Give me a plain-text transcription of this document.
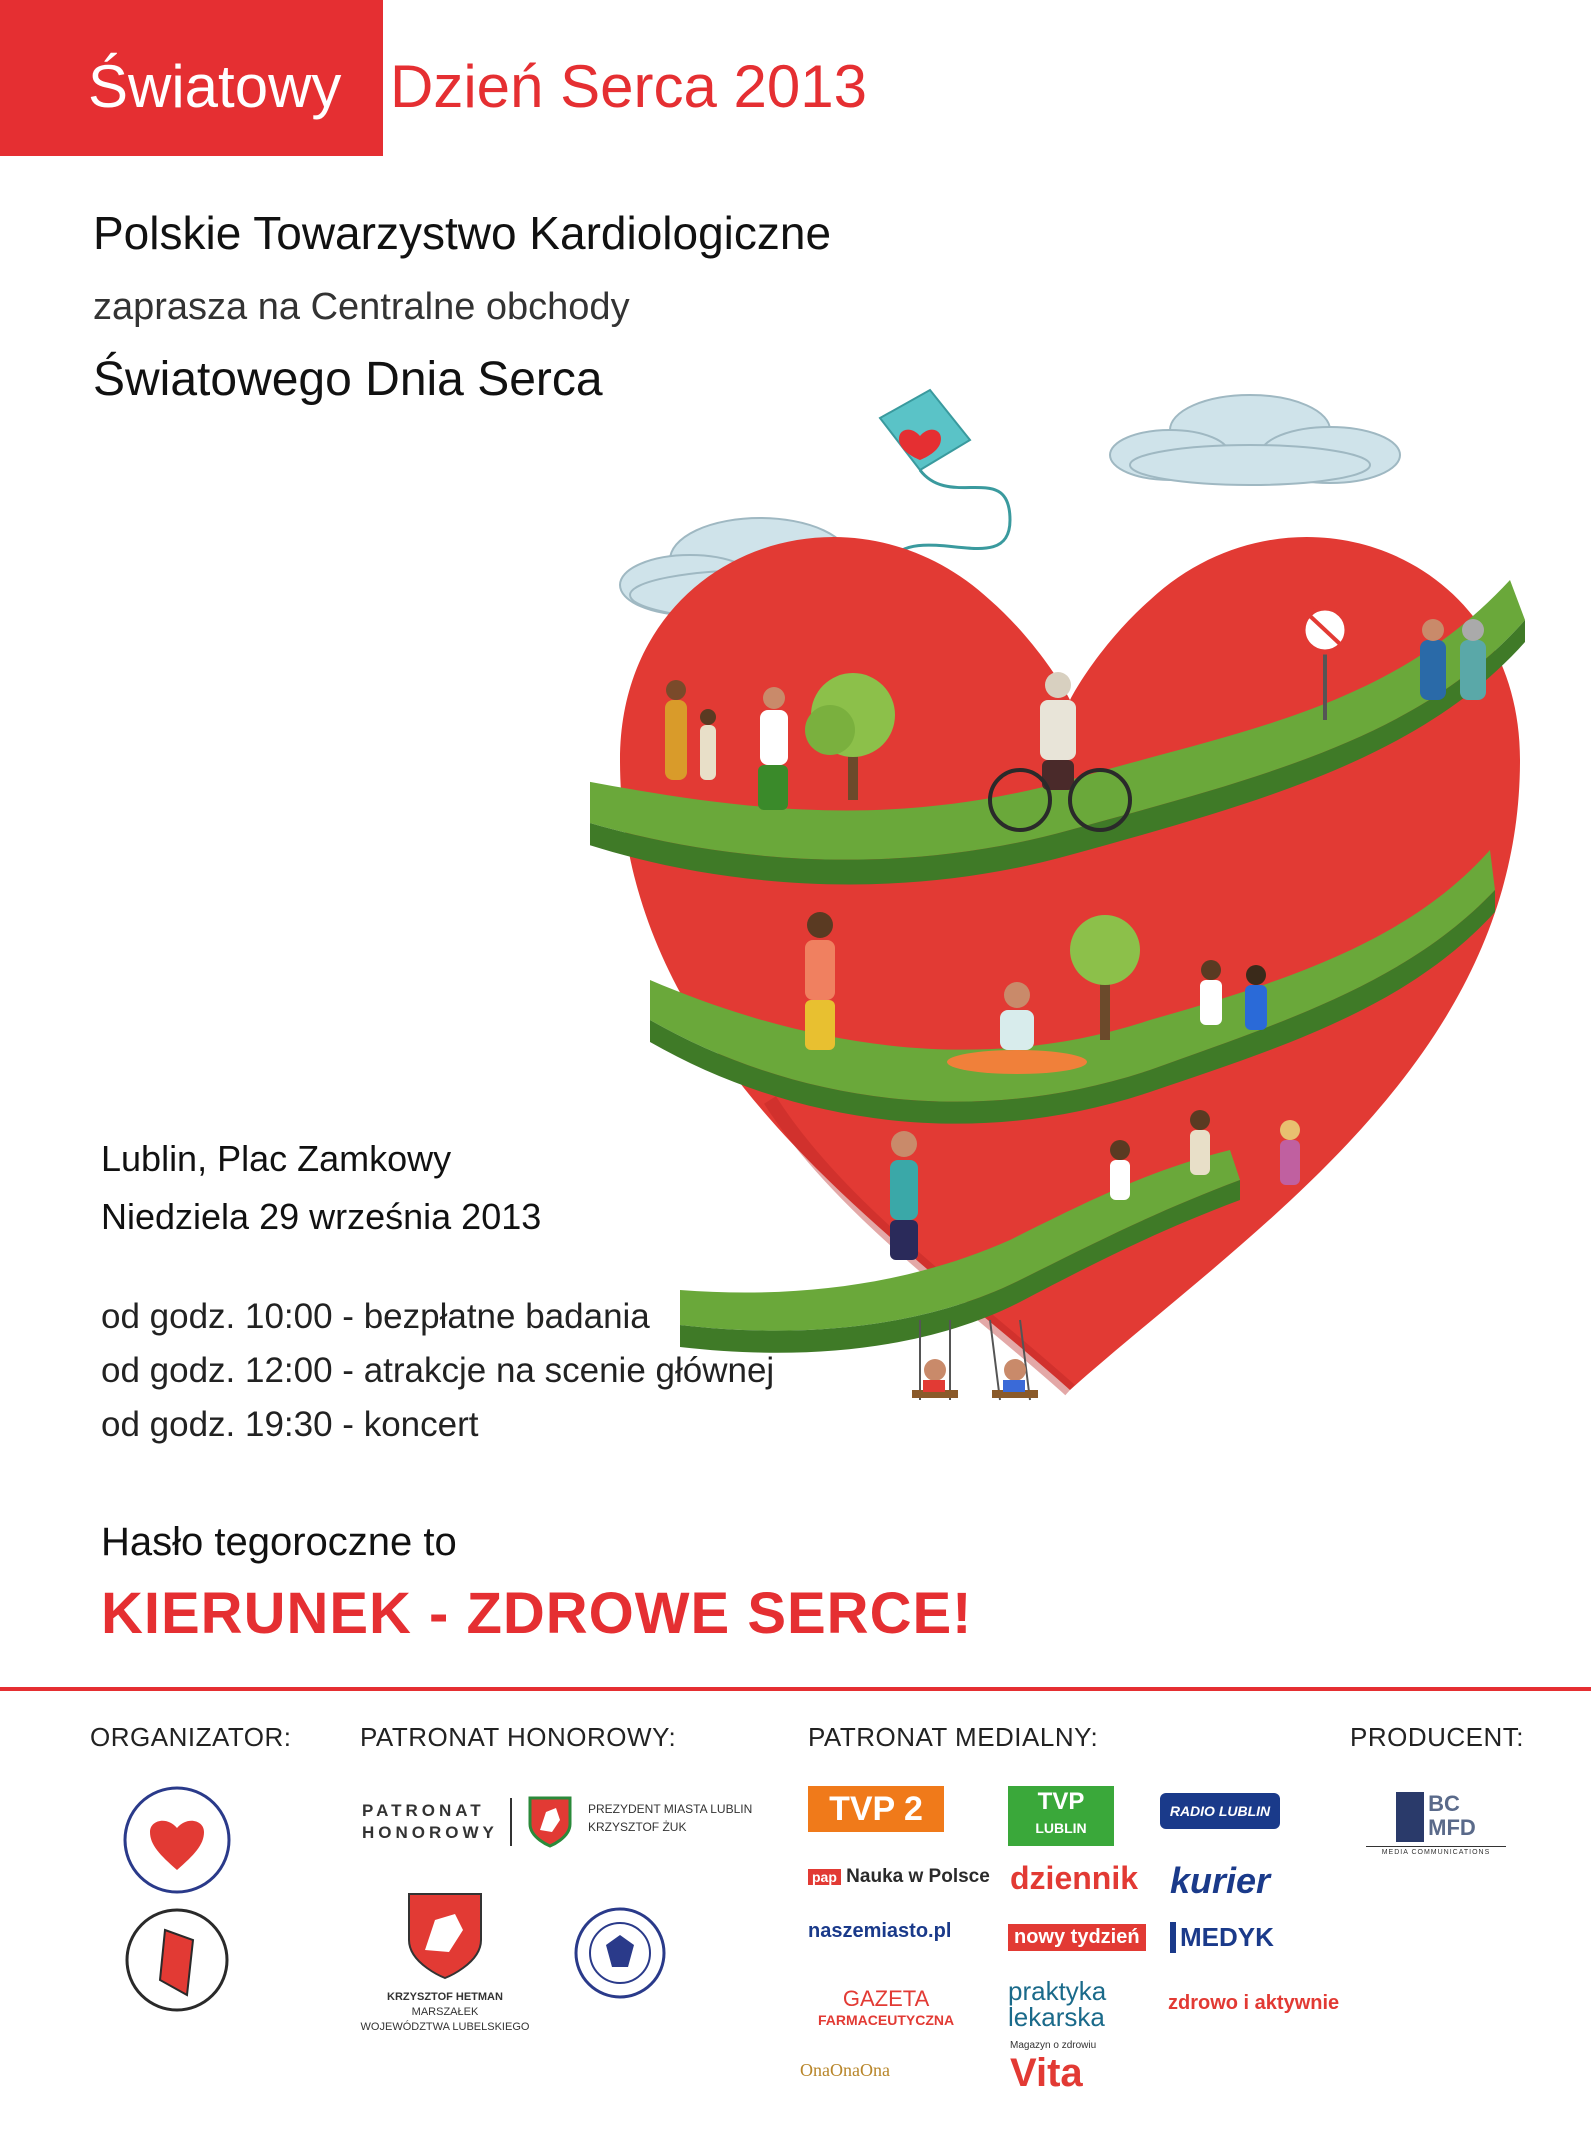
Światowy Dzień Serca 2013
Polskie Towarzystwo Kardiologiczne
zaprasza na Centralne obchody
Światowego Dnia Serca
Lublin, Plac Zamkowy
Niedziela 29 września 2013
od godz. 10:00 - bezpłatne badania
od godz. 12:00 - atrakcje na scenie głównej
od godz. 19:30 - koncert
Hasło tegoroczne to
KIERUNEK - ZDROWE SERCE!
ORGANIZATOR:	PATRONAT HONOROWY:	PATRONAT MEDIALNY:	PRODUCENT:
PATRONAT
HONOROWY
PREZYDENT MIASTA LUBLIN
KRZYSZTOF ŻUK
KRZYSZTOF HETMAN
MARSZAŁEK
WOJEWÓDZTWA LUBELSKIEGO
TVP 2	TVP
LUBLIN
RADIO LUBLIN
pap Nauka w Polsce dziennik kurier
naszemiasto.pl	nowy tydzień	MEDYK
GAZETA
FARMACEUTYCZNA
praktyka
lekarska	zdrowo i aktywnie
OnaOnaOna
Magazyn o zdrowiu
Vita
BC
MFD
MEDIA COMMUNICATIONS
